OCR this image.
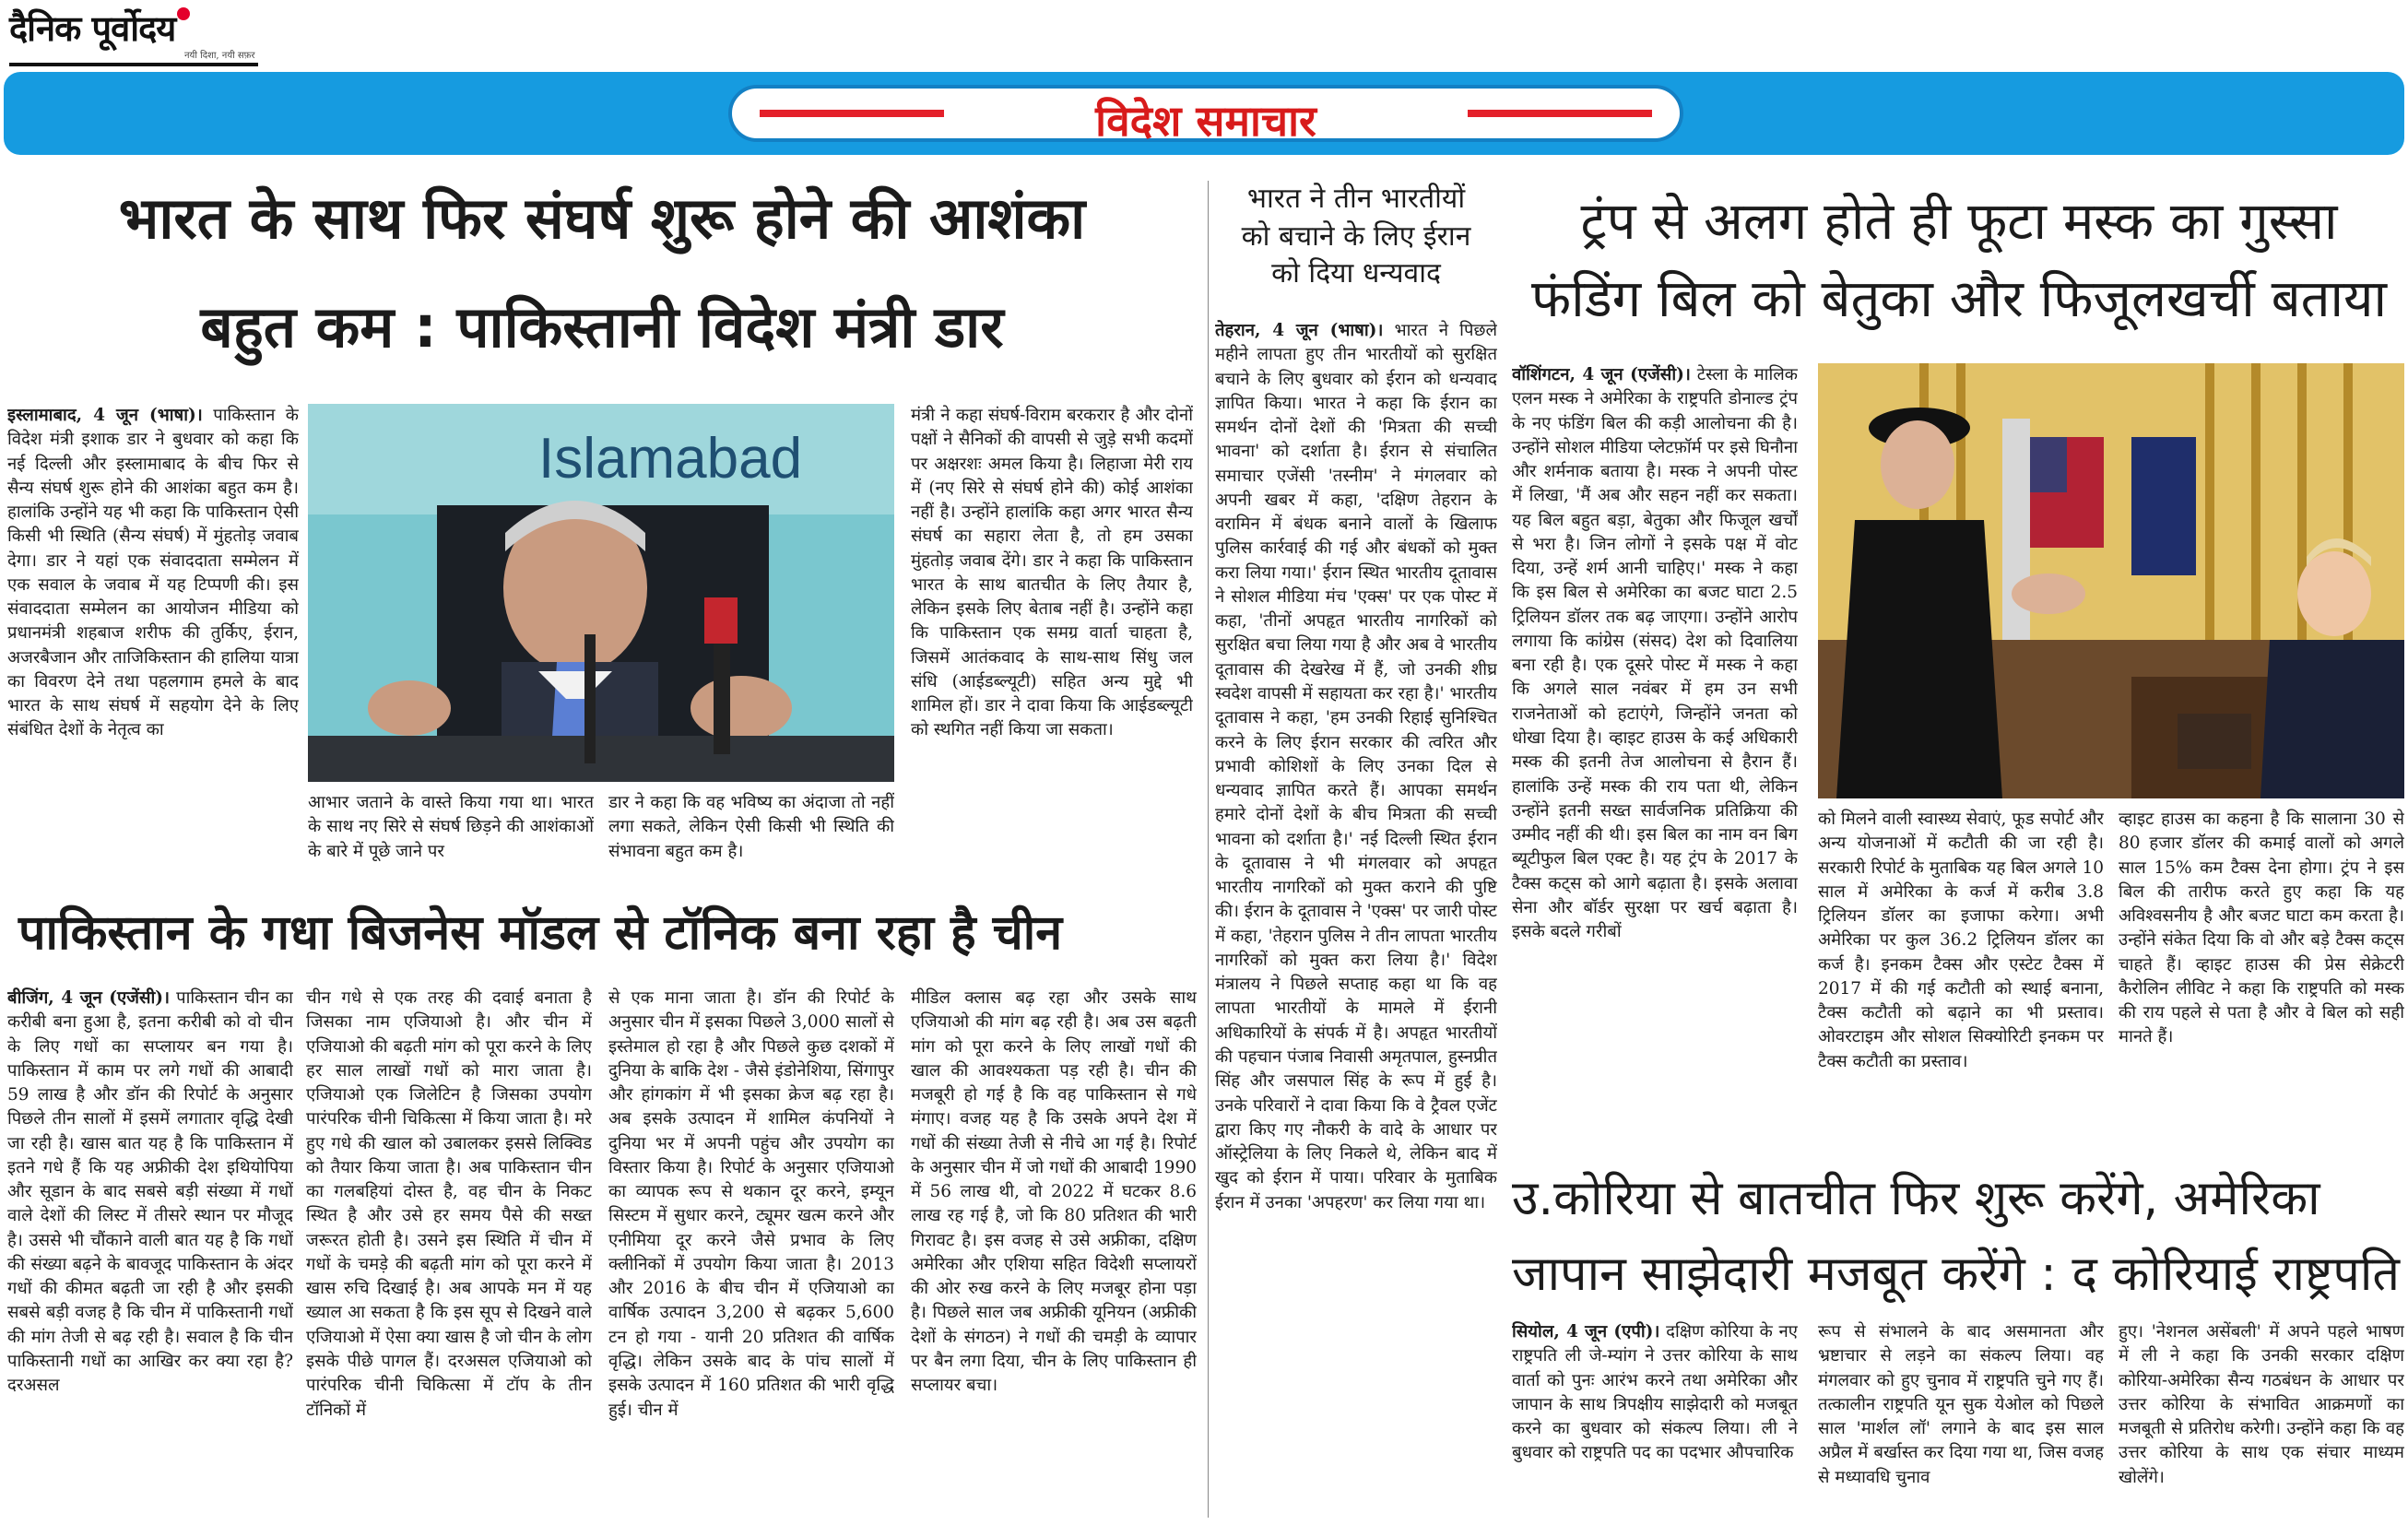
दैनिक पूर्वोदय
नयी दिशा, नयी सफ़र
विदेश समाचार
भारत के साथ फिर संघर्ष शुरू होने की आशंका
बहुत कम : पाकिस्तानी विदेश मंत्री डार
इस्लामाबाद, 4 जून (भाषा)। पाकिस्तान के विदेश मंत्री इशाक डार ने बुधवार को कहा कि नई दिल्ली और इस्लामाबाद के बीच फिर से सैन्य संघर्ष शुरू होने की आशंका बहुत कम है। हालांकि उन्होंने यह भी कहा कि पाकिस्तान ऐसी किसी भी स्थिति (सैन्य संघर्ष) में मुंहतोड़ जवाब देगा। डार ने यहां एक संवाददाता सम्मेलन में एक सवाल के जवाब में यह टिप्पणी की। इस संवाददाता सम्मेलन का आयोजन मीडिया को प्रधानमंत्री शहबाज शरीफ की तुर्किए, ईरान, अजरबैजान और ताजिकिस्तान की हालिया यात्रा का विवरण देने तथा पहलगाम हमले के बाद भारत के साथ संघर्ष में सहयोग देने के लिए संबंधित देशों के नेतृत्व का
Islamabad
आभार जताने के वास्ते किया गया था। भारत के साथ नए सिरे से संघर्ष छिड़ने की आशंकाओं के बारे में पूछे जाने पर
डार ने कहा कि वह भविष्य का अंदाजा तो नहीं लगा सकते, लेकिन ऐसी किसी भी स्थिति की संभावना बहुत कम है।
मंत्री ने कहा संघर्ष-विराम बरकरार है और दोनों पक्षों ने सैनिकों की वापसी से जुड़े सभी कदमों पर अक्षरशः अमल किया है। लिहाजा मेरी राय में (नए सिरे से संघर्ष होने की) कोई आशंका नहीं है। उन्होंने हालांकि कहा अगर भारत सैन्य संघर्ष का सहारा लेता है, तो हम उसका मुंहतोड़ जवाब देंगे। डार ने कहा कि पाकिस्तान भारत के साथ बातचीत के लिए तैयार है, लेकिन इसके लिए बेताब नहीं है। उन्होंने कहा कि पाकिस्तान एक समग्र वार्ता चाहता है, जिसमें आतंकवाद के साथ-साथ सिंधु जल संधि (आईडब्ल्यूटी) सहित अन्य मुद्दे भी शामिल हों। डार ने दावा किया कि आईडब्ल्यूटी को स्थगित नहीं किया जा सकता।
पाकिस्तान के गधा बिजनेस मॉडल से टॉनिक बना रहा है चीन
बीजिंग, 4 जून (एजेंसी)। पाकिस्तान चीन का करीबी बना हुआ है, इतना करीबी को वो चीन के लिए गधों का सप्लायर बन गया है। पाकिस्तान में काम पर लगे गधों की आबादी 59 लाख है और डॉन की रिपोर्ट के अनुसार पिछले तीन सालों में इसमें लगातार वृद्धि देखी जा रही है। खास बात यह है कि पाकिस्तान में इतने गधे हैं कि यह अफ्रीकी देश इथियोपिया और सूडान के बाद सबसे बड़ी संख्या में गधों वाले देशों की लिस्ट में तीसरे स्थान पर मौजूद है। उससे भी चौंकाने वाली बात यह है कि गधों की संख्या बढ़ने के बावजूद पाकिस्तान के अंदर गधों की कीमत बढ़ती जा रही है और इसकी सबसे बड़ी वजह है कि चीन में पाकिस्तानी गधों की मांग तेजी से बढ़ रही है। सवाल है कि चीन पाकिस्तानी गधों का आखिर कर क्या रहा है? दरअसल
चीन गधे से एक तरह की दवाई बनाता है जिसका नाम एजियाओ है। और चीन में एजियाओ की बढ़ती मांग को पूरा करने के लिए हर साल लाखों गधों को मारा जाता है। एजियाओ एक जिलेटिन है जिसका उपयोग पारंपरिक चीनी चिकित्सा में किया जाता है। मरे हुए गधे की खाल को उबालकर इससे लिक्विड को तैयार किया जाता है। अब पाकिस्तान चीन का गलबहियां दोस्त है, वह चीन के निकट स्थित है और उसे हर समय पैसे की सख्त जरूरत होती है। उसने इस स्थिति में चीन में गधों के चमड़े की बढ़ती मांग को पूरा करने में खास रुचि दिखाई है। अब आपके मन में यह ख्याल आ सकता है कि इस सूप से दिखने वाले एजियाओ में ऐसा क्या खास है जो चीन के लोग इसके पीछे पागल हैं। दरअसल एजियाओ को पारंपरिक चीनी चिकित्सा में टॉप के तीन टॉनिकों में
से एक माना जाता है। डॉन की रिपोर्ट के अनुसार चीन में इसका पिछले 3,000 सालों से इस्तेमाल हो रहा है और पिछले कुछ दशकों में दुनिया के बाकि देश - जैसे इंडोनेशिया, सिंगापुर और हांगकांग में भी इसका क्रेज बढ़ रहा है। अब इसके उत्पादन में शामिल कंपनियों ने दुनिया भर में अपनी पहुंच और उपयोग का विस्तार किया है। रिपोर्ट के अनुसार एजियाओ का व्यापक रूप से थकान दूर करने, इम्यून सिस्टम में सुधार करने, ट्यूमर खत्म करने और एनीमिया दूर करने जैसे प्रभाव के लिए क्लीनिकों में उपयोग किया जाता है। 2013 और 2016 के बीच चीन में एजियाओ का वार्षिक उत्पादन 3,200 से बढ़कर 5,600 टन हो गया - यानी 20 प्रतिशत की वार्षिक वृद्धि। लेकिन उसके बाद के पांच सालों में इसके उत्पादन में 160 प्रतिशत की भारी वृद्धि हुई। चीन में
मीडिल क्लास बढ़ रहा और उसके साथ एजियाओ की मांग बढ़ रही है। अब उस बढ़ती मांग को पूरा करने के लिए लाखों गधों की खाल की आवश्यकता पड़ रही है। चीन की मजबूरी हो गई है कि वह पाकिस्तान से गधे मंगाए। वजह यह है कि उसके अपने देश में गधों की संख्या तेजी से नीचे आ गई है। रिपोर्ट के अनुसार चीन में जो गधों की आबादी 1990 में 56 लाख थी, वो 2022 में घटकर 8.6 लाख रह गई है, जो कि 80 प्रतिशत की भारी गिरावट है। इस वजह से उसे अफ्रीका, दक्षिण अमेरिका और एशिया सहित विदेशी सप्लायरों की ओर रुख करने के लिए मजबूर होना पड़ा है। पिछले साल जब अफ्रीकी यूनियन (अफ्रीकी देशों के संगठन) ने गधों की चमड़ी के व्यापार पर बैन लगा दिया, चीन के लिए पाकिस्तान ही सप्लायर बचा।
भारत ने तीन भारतीयों
को बचाने के लिए ईरान
को दिया धन्यवाद
तेहरान, 4 जून (भाषा)। भारत ने पिछले महीने लापता हुए तीन भारतीयों को सुरक्षित बचाने के लिए बुधवार को ईरान को धन्यवाद ज्ञापित किया। भारत ने कहा कि ईरान का समर्थन दोनों देशों की 'मित्रता की सच्ची भावना' को दर्शाता है। ईरान से संचालित समाचार एजेंसी 'तस्नीम' ने मंगलवार को अपनी खबर में कहा, 'दक्षिण तेहरान के वरामिन में बंधक बनाने वालों के खिलाफ पुलिस कार्रवाई की गई और बंधकों को मुक्त करा लिया गया।' ईरान स्थित भारतीय दूतावास ने सोशल मीडिया मंच 'एक्स' पर एक पोस्ट में कहा, 'तीनों अपहृत भारतीय नागरिकों को सुरक्षित बचा लिया गया है और अब वे भारतीय दूतावास की देखरेख में हैं, जो उनकी शीघ्र स्वदेश वापसी में सहायता कर रहा है।' भारतीय दूतावास ने कहा, 'हम उनकी रिहाई सुनिश्चित करने के लिए ईरान सरकार की त्वरित और प्रभावी कोशिशों के लिए उनका दिल से धन्यवाद ज्ञापित करते हैं। आपका समर्थन हमारे दोनों देशों के बीच मित्रता की सच्ची भावना को दर्शाता है।' नई दिल्ली स्थित ईरान के दूतावास ने भी मंगलवार को अपहृत भारतीय नागरिकों को मुक्त कराने की पुष्टि की। ईरान के दूतावास ने 'एक्स' पर जारी पोस्ट में कहा, 'तेहरान पुलिस ने तीन लापता भारतीय नागरिकों को मुक्त करा लिया है।' विदेश मंत्रालय ने पिछले सप्ताह कहा था कि वह लापता भारतीयों के मामले में ईरानी अधिकारियों के संपर्क में है। अपहृत भारतीयों की पहचान पंजाब निवासी अमृतपाल, हुस्नप्रीत सिंह और जसपाल सिंह के रूप में हुई है। उनके परिवारों ने दावा किया कि वे ट्रैवल एजेंट द्वारा किए गए नौकरी के वादे के आधार पर ऑस्ट्रेलिया के लिए निकले थे, लेकिन बाद में खुद को ईरान में पाया। परिवार के मुताबिक ईरान में उनका 'अपहरण' कर लिया गया था।
ट्रंप से अलग होते ही फूटा मस्क का गुस्सा
फंडिंग बिल को बेतुका और फिजूलखर्ची बताया
वॉशिंगटन, 4 जून (एजेंसी)। टेस्ला के मालिक एलन मस्क ने अमेरिका के राष्ट्रपति डोनाल्ड ट्रंप के नए फंडिंग बिल की कड़ी आलोचना की है। उन्होंने सोशल मीडिया प्लेटफ़ॉर्म पर इसे घिनौना और शर्मनाक बताया है। मस्क ने अपनी पोस्ट में लिखा, 'मैं अब और सहन नहीं कर सकता। यह बिल बहुत बड़ा, बेतुका और फिजूल खर्चों से भरा है। जिन लोगों ने इसके पक्ष में वोट दिया, उन्हें शर्म आनी चाहिए।' मस्क ने कहा कि इस बिल से अमेरिका का बजट घाटा 2.5 ट्रिलियन डॉलर तक बढ़ जाएगा। उन्होंने आरोप लगाया कि कांग्रेस (संसद) देश को दिवालिया बना रही है। एक दूसरे पोस्ट में मस्क ने कहा कि अगले साल नवंबर में हम उन सभी राजनेताओं को हटाएंगे, जिन्होंने जनता को धोखा दिया है। व्हाइट हाउस के कई अधिकारी मस्क की इतनी तेज आलोचना से हैरान हैं। हालांकि उन्हें मस्क की राय पता थी, लेकिन उन्होंने इतनी सख्त सार्वजनिक प्रतिक्रिया की उम्मीद नहीं की थी। इस बिल का नाम वन बिग ब्यूटीफुल बिल एक्ट है। यह ट्रंप के 2017 के टैक्स कट्स को आगे बढ़ाता है। इसके अलावा सेना और बॉर्डर सुरक्षा पर खर्च बढ़ाता है। इसके बदले गरीबों
को मिलने वाली स्वास्थ्य सेवाएं, फूड सपोर्ट और अन्य योजनाओं में कटौती की जा रही है। सरकारी रिपोर्ट के मुताबिक यह बिल अगले 10 साल में अमेरिका के कर्ज में करीब 3.8 ट्रिलियन डॉलर का इजाफा करेगा। अभी अमेरिका पर कुल 36.2 ट्रिलियन डॉलर का कर्ज है। इनकम टैक्स और एस्टेट टैक्स में 2017 में की गई कटौती को स्थाई बनाना, टैक्स कटौती को बढ़ाने का भी प्रस्ताव। ओवरटाइम और सोशल सिक्योरिटी इनकम पर टैक्स कटौती का प्रस्ताव।
व्हाइट हाउस का कहना है कि सालाना 30 से 80 हजार डॉलर की कमाई वालों को अगले साल 15% कम टैक्स देना होगा। ट्रंप ने इस बिल की तारीफ करते हुए कहा कि यह अविश्वसनीय है और बजट घाटा कम करता है। उन्होंने संकेत दिया कि वो और बड़े टैक्स कट्स चाहते हैं। व्हाइट हाउस की प्रेस सेक्रेटरी कैरोलिन लीविट ने कहा कि राष्ट्रपति को मस्क की राय पहले से पता है और वे बिल को सही मानते हैं।
उ.कोरिया से बातचीत फिर शुरू करेंगे, अमेरिका
जापान साझेदारी मजबूत करेंगे : द कोरियाई राष्ट्रपति
सियोल, 4 जून (एपी)। दक्षिण कोरिया के नए राष्ट्रपति ली जे-म्यांग ने उत्तर कोरिया के साथ वार्ता को पुनः आरंभ करने तथा अमेरिका और जापान के साथ त्रिपक्षीय साझेदारी को मजबूत करने का बुधवार को संकल्प लिया। ली ने बुधवार को राष्ट्रपति पद का पदभार औपचारिक
रूप से संभालने के बाद असमानता और भ्रष्टाचार से लड़ने का संकल्प लिया। वह मंगलवार को हुए चुनाव में राष्ट्रपति चुने गए हैं। तत्कालीन राष्ट्रपति यून सुक येओल को पिछले साल 'मार्शल लॉ' लगाने के बाद इस साल अप्रैल में बर्खास्त कर दिया गया था, जिस वजह से मध्यावधि चुनाव
हुए। 'नेशनल असेंबली' में अपने पहले भाषण में ली ने कहा कि उनकी सरकार दक्षिण कोरिया-अमेरिका सैन्य गठबंधन के आधार पर उत्तर कोरिया के संभावित आक्रमणों का मजबूती से प्रतिरोध करेगी। उन्होंने कहा कि वह उत्तर कोरिया के साथ एक संचार माध्यम खोलेंगे।
